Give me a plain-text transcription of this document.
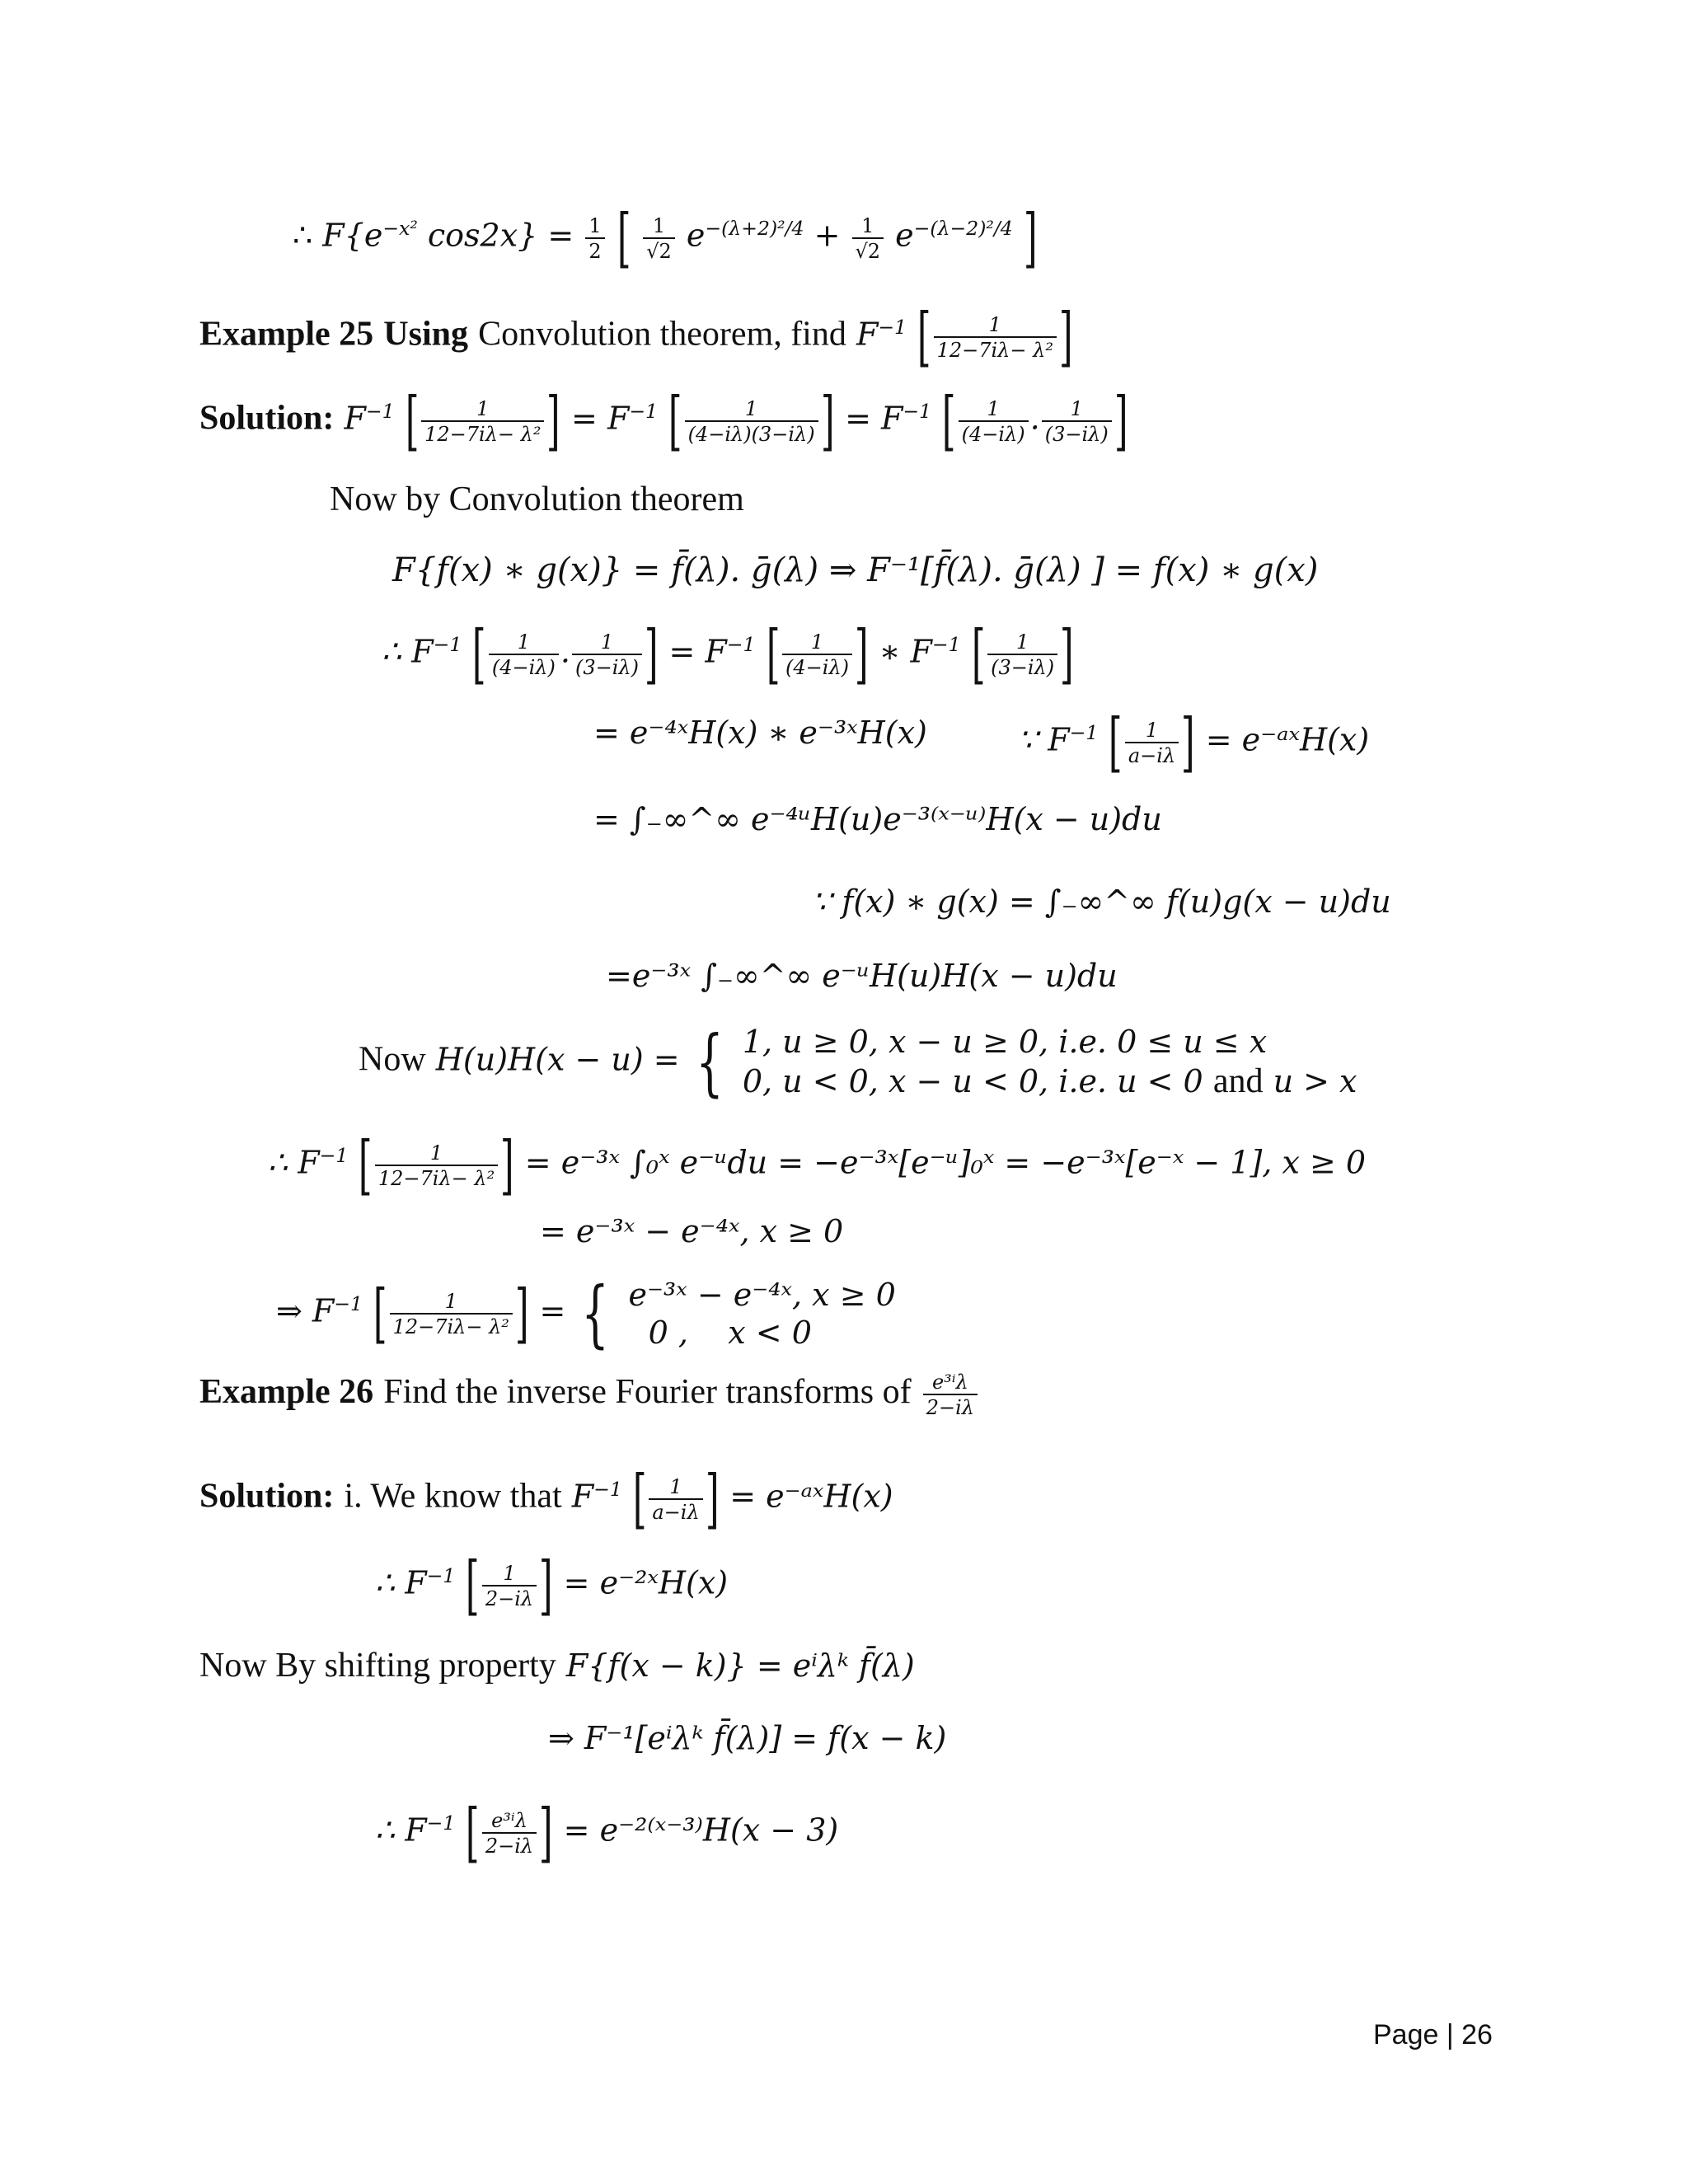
∴ $F\{e^{-x^2}$ $\cos 2x\} = \frac{1}{2}$ [ $\frac{1}{√2} e^{-(\lambda+2)^2/4} + \frac{1}{√2} e^{-(\lambda-2)^2/4}$ ]
Example 25 Using Convolution theorem, find $F^{-1}$ [ $\frac{1}{\text{12−7iλ− λ²}}$ ]
Solution: $F^{-1}$ [ $\frac{1}{\text{12−7iλ− λ²}}$ ] = $F^{-1}$ [ $\frac{1}{(4-i\lambda)(3-i\lambda)}$ ] = $F^{-1}$ [ $\frac{1}{(4-i\lambda)}$ . $\frac{1}{(3-i\lambda)}$ ]
Now by Convolution theorem
F{f(x) ∗ g(x)} = f̄(λ). ḡ(λ) ⇒ F⁻¹[f̄(λ). ḡ(λ) ] = f(x) ∗ g(x)
∴ $F^{-1}$ [ $\frac{1}{(4-i\lambda)}$ . $\frac{1}{(3-i\lambda)}$ ] = $F^{-1}$ [ $\frac{1}{(4-i\lambda)}$ ] ∗ $F^{-1}$ [ $\frac{1}{(3-i\lambda)}$ ]
= e⁻⁴ˣH(x) ∗ e⁻³ˣH(x)	∵ $F^{-1}$ [ $\frac{1}{a-i\lambda}$ ] = e⁻ᵃˣH(x)
= ∫₋∞^∞ e⁻⁴ᵘH(u)e⁻³⁽ˣ⁻ᵘ⁾H(x − u)du
∵ f(x) ∗ g(x) = ∫₋∞^∞ f(u)g(x − u)du
=e⁻³ˣ ∫₋∞^∞ e⁻ᵘH(u)H(x − u)du
Now H(u)H(x − u) = { 1, u ≥ 0, x − u ≥ 0, i.e. 0 ≤ u ≤ x
0, u < 0, x − u < 0, i.e. u < 0 and u > x
∴ $F^{-1}$ [ $\frac{1}{\text{12−7iλ− λ²}}$ ] = e⁻³ˣ ∫₀ˣ e⁻ᵘdu = −e⁻³ˣ[e⁻ᵘ]₀ˣ = −e⁻³ˣ[e⁻ˣ − 1], x ≥ 0
= e⁻³ˣ − e⁻⁴ˣ, x ≥ 0
⇒ $F^{-1}$ [ $\frac{1}{\text{12−7iλ− λ²}}$ ] = { e⁻³ˣ − e⁻⁴ˣ, x ≥ 0
0 ,    x < 0
Example 26 Find the inverse Fourier transforms of $\frac{\text{e³ⁱλ}}{2-i\lambda}$
Solution: i. We know that $F^{-1}$ [ $\frac{1}{a-i\lambda}$ ] = e⁻ᵃˣH(x)
∴ $F^{-1}$ [ $\frac{1}{2-i\lambda}$ ] = e⁻²ˣH(x)
Now By shifting property F{f(x − k)} = eⁱλᵏ f̄(λ)
⇒ F⁻¹[eⁱλᵏ f̄(λ)] = f(x − k)
∴ $F^{-1}$ [ $\frac{\text{e³ⁱλ}}{2-i\lambda}$ ] = e⁻²⁽ˣ⁻³⁾H(x − 3)
Page | 26
